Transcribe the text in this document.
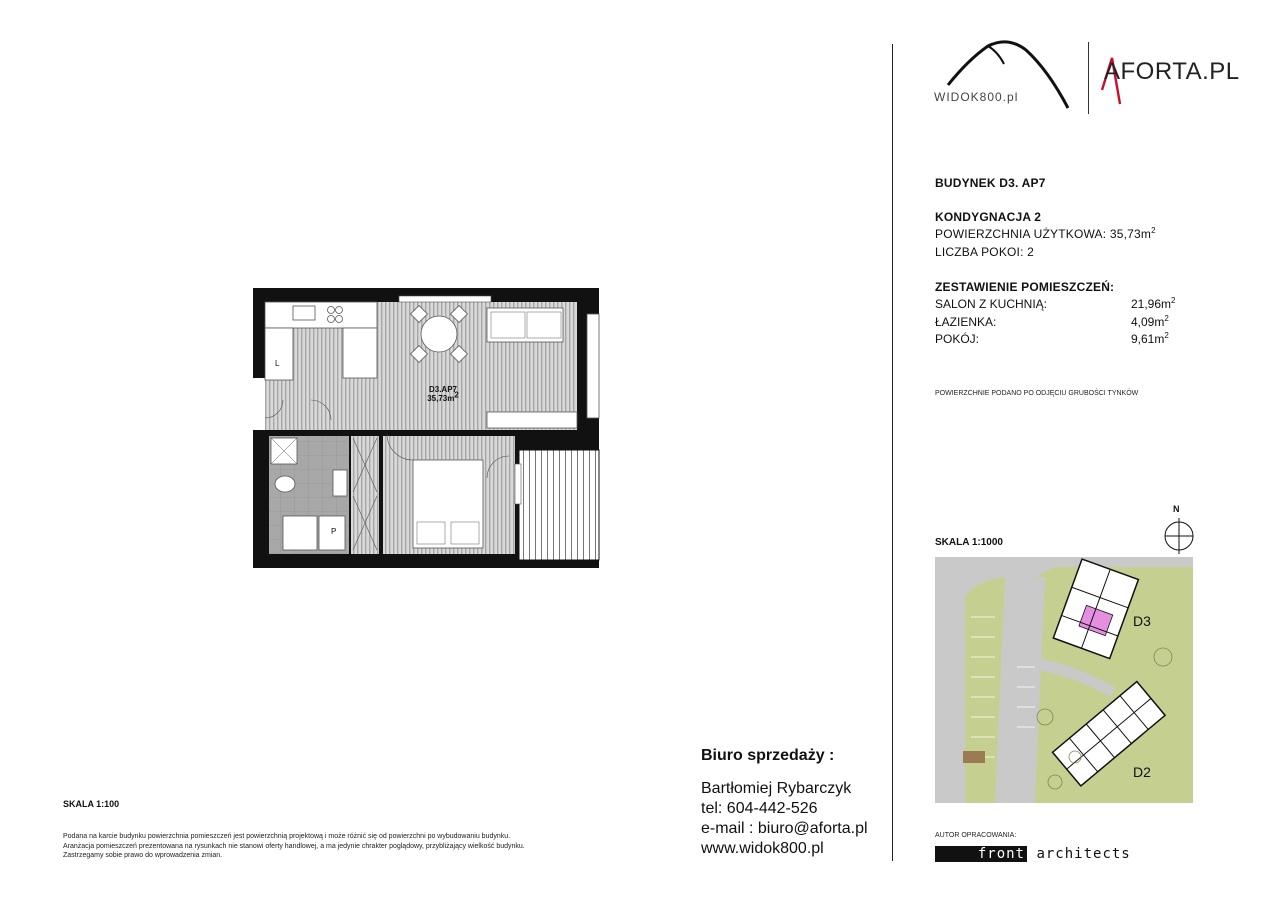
WIDOK800.pl
AFORTA.PL
BUDYNEK D3. AP7
KONDYGNACJA 2
POWIERZCHNIA UŻYTKOWA: $35,73m^2$
LICZBA POKOI: 2
ZESTAWIENIE POMIESZCZEŃ:
SALON Z KUCHNIĄ:	$21,96m^2$
ŁAZIENKA:	$4,09m^2$
POKÓJ:	$9,61m^2$
POWIERZCHNIE PODANO PO ODJĘCIU GRUBOŚCI TYNKÓW
L
P
D3.AP7
$35,73m^2$
SKALA 1:1000
N
D3
D2
SKALA 1:100
Podana na karcie budynku powierzchnia pomieszczeń jest powierzchnią projektową i może różnić się od powierzchni po wybudowaniu budynku.
Aranżacja pomieszczeń prezentowana na rysunkach nie stanowi oferty handlowej, a ma jedynie chrakter poglądowy, przybliżający wielkość budynku.
Zastrzegamy sobie prawo do wprowadzenia zmian.
Biuro sprzedaży :
Bartłomiej Rybarczyk
tel: 604-442-526
e-mail : biuro@aforta.pl
www.widok800.pl
AUTOR OPRACOWANIA:
front architects
